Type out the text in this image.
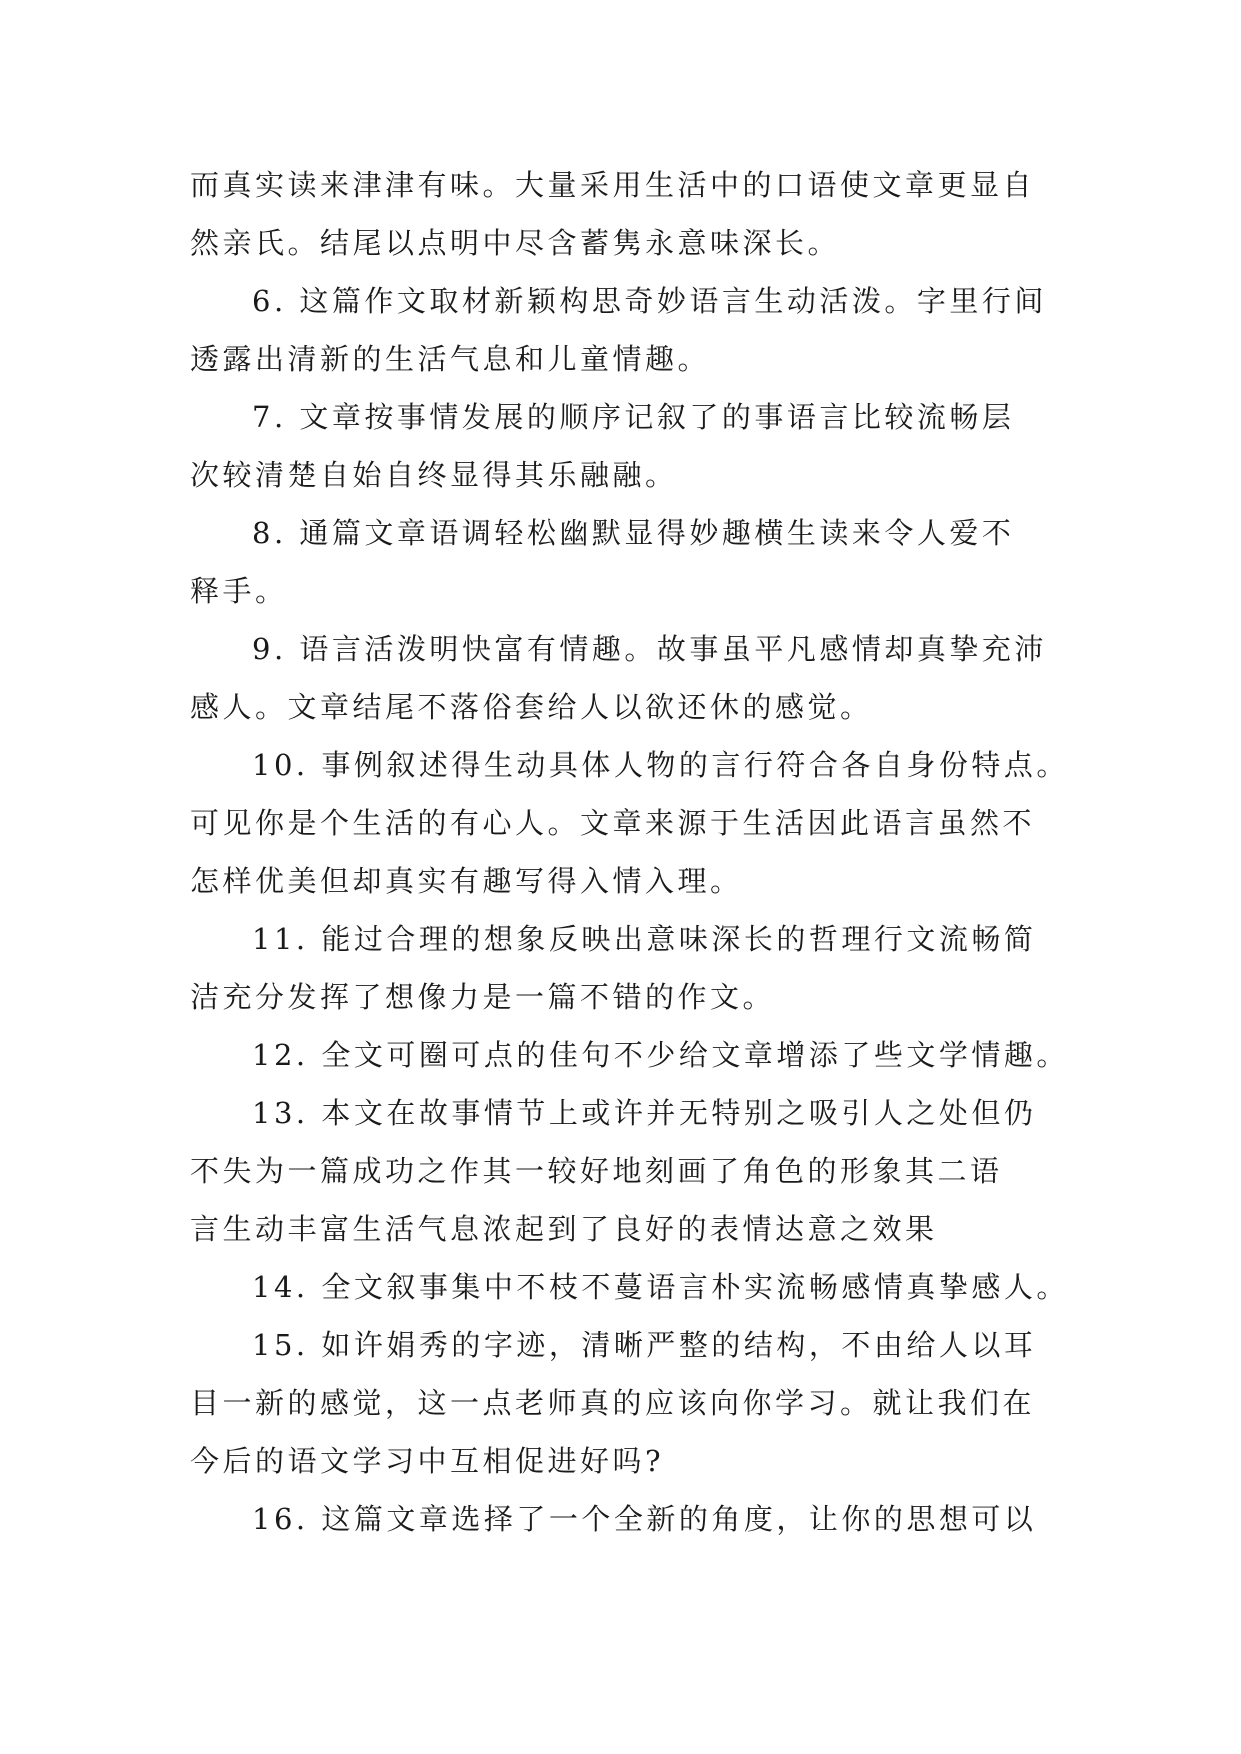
而真实读来津津有味。大量采用生活中的口语使文章更显自
然亲氏。结尾以点明中尽含蓄隽永意味深长。

6. 这篇作文取材新颖构思奇妙语言生动活泼。字里行间
透露出清新的生活气息和儿童情趣。

7. 文章按事情发展的顺序记叙了的事语言比较流畅层
次较清楚自始自终显得其乐融融。

8. 通篇文章语调轻松幽默显得妙趣横生读来令人爱不
释手。

9. 语言活泼明快富有情趣。故事虽平凡感情却真挚充沛
感人。文章结尾不落俗套给人以欲还休的感觉。

10. 事例叙述得生动具体人物的言行符合各自身份特点。
可见你是个生活的有心人。文章来源于生活因此语言虽然不
怎样优美但却真实有趣写得入情入理。

11. 能过合理的想象反映出意味深长的哲理行文流畅简
洁充分发挥了想像力是一篇不错的作文。

12. 全文可圈可点的佳句不少给文章增添了些文学情趣。

13. 本文在故事情节上或许并无特别之吸引人之处但仍
不失为一篇成功之作其一较好地刻画了角色的形象其二语
言生动丰富生活气息浓起到了良好的表情达意之效果

14. 全文叙事集中不枝不蔓语言朴实流畅感情真挚感人。

15. 如许娟秀的字迹，清晰严整的结构，不由给人以耳
目一新的感觉，这一点老师真的应该向你学习。就让我们在
今后的语文学习中互相促进好吗?

16. 这篇文章选择了一个全新的角度，让你的思想可以
